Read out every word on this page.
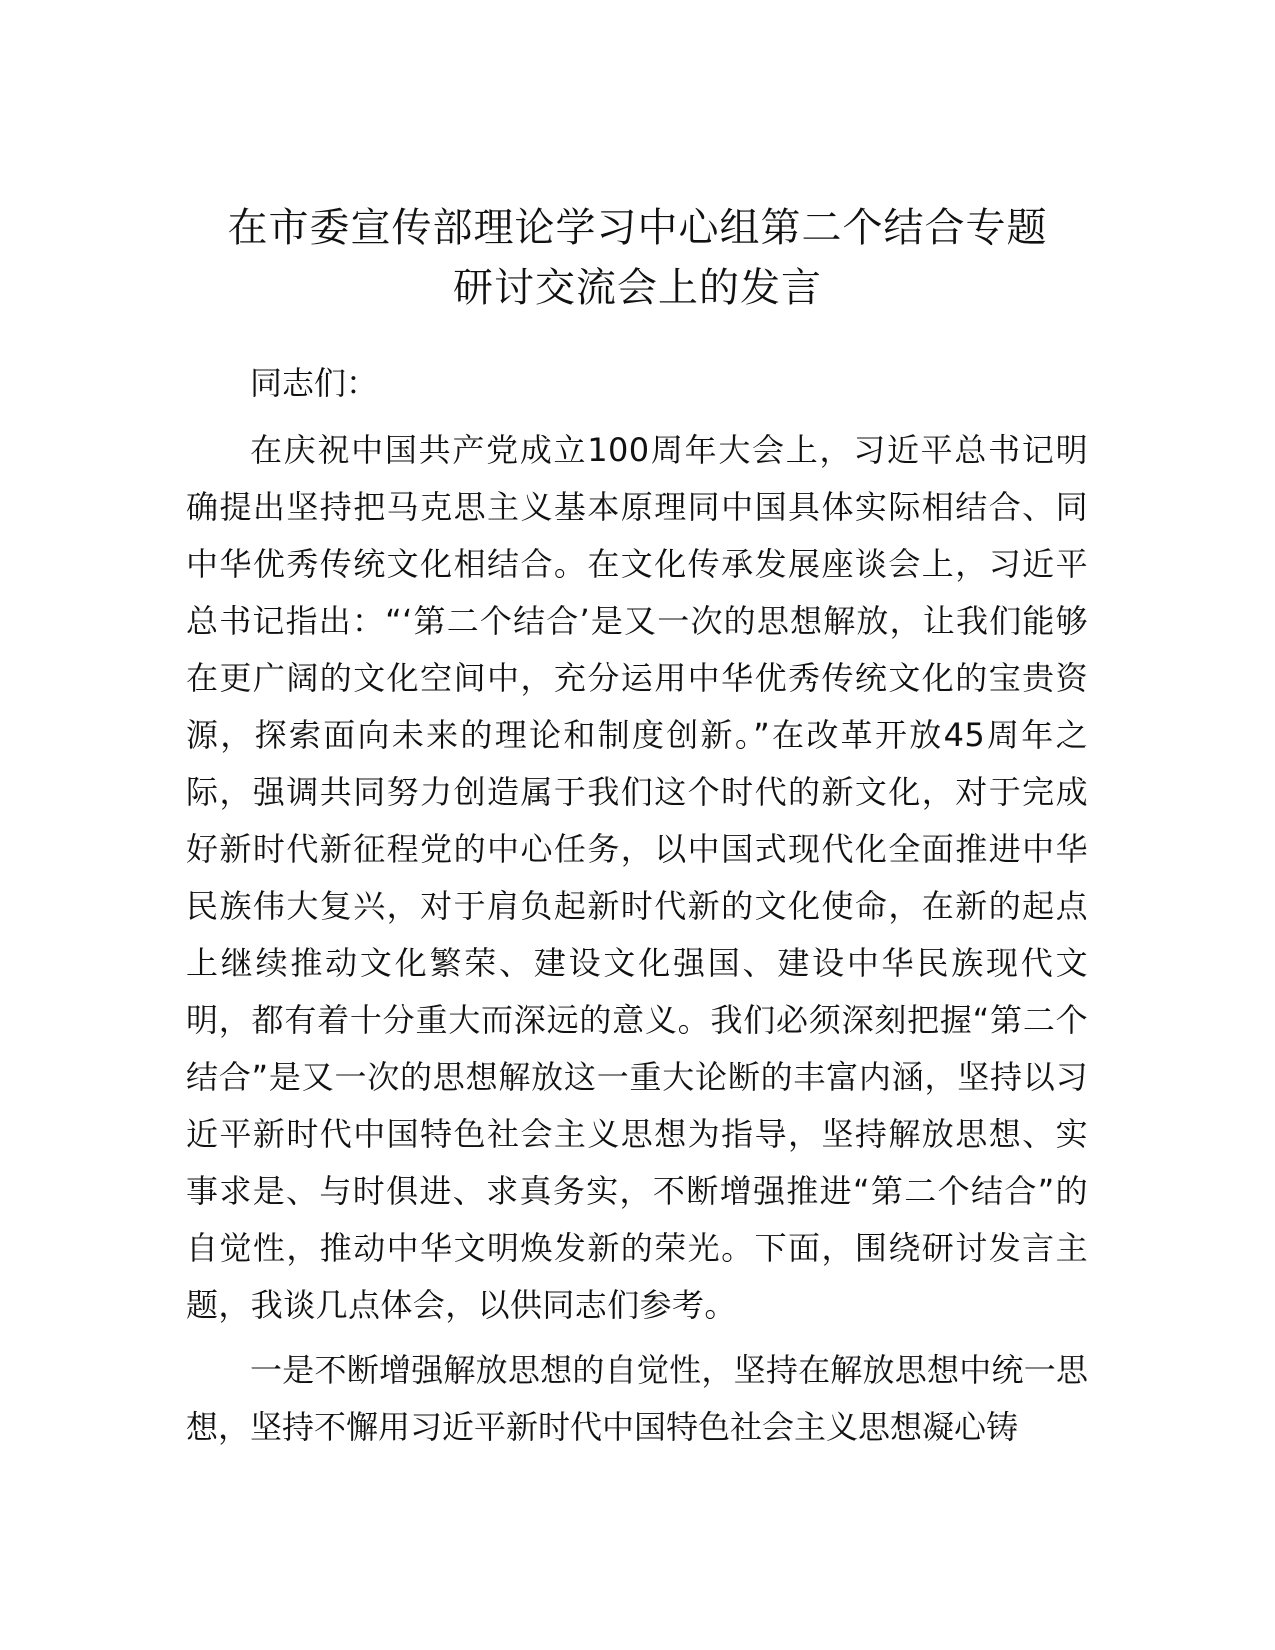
在市委宣传部理论学习中心组第二个结合专题
研讨交流会上的发言

同志们：

在庆祝中国共产党成立100周年大会上，习近平总书记明确提出坚持把马克思主义基本原理同中国具体实际相结合、同中华优秀传统文化相结合。在文化传承发展座谈会上，习近平总书记指出：“‘第二个结合’是又一次的思想解放，让我们能够在更广阔的文化空间中，充分运用中华优秀传统文化的宝贵资源，探索面向未来的理论和制度创新。”在改革开放45周年之际，强调共同努力创造属于我们这个时代的新文化，对于完成好新时代新征程党的中心任务，以中国式现代化全面推进中华民族伟大复兴，对于肩负起新时代新的文化使命，在新的起点上继续推动文化繁荣、建设文化强国、建设中华民族现代文明，都有着十分重大而深远的意义。我们必须深刻把握“第二个结合”是又一次的思想解放这一重大论断的丰富内涵，坚持以习近平新时代中国特色社会主义思想为指导，坚持解放思想、实事求是、与时俱进、求真务实，不断增强推进“第二个结合”的自觉性，推动中华文明焕发新的荣光。下面，围绕研讨发言主题，我谈几点体会，以供同志们参考。

一是不断增强解放思想的自觉性，坚持在解放思想中统一思想，坚持不懈用习近平新时代中国特色社会主义思想凝心铸
